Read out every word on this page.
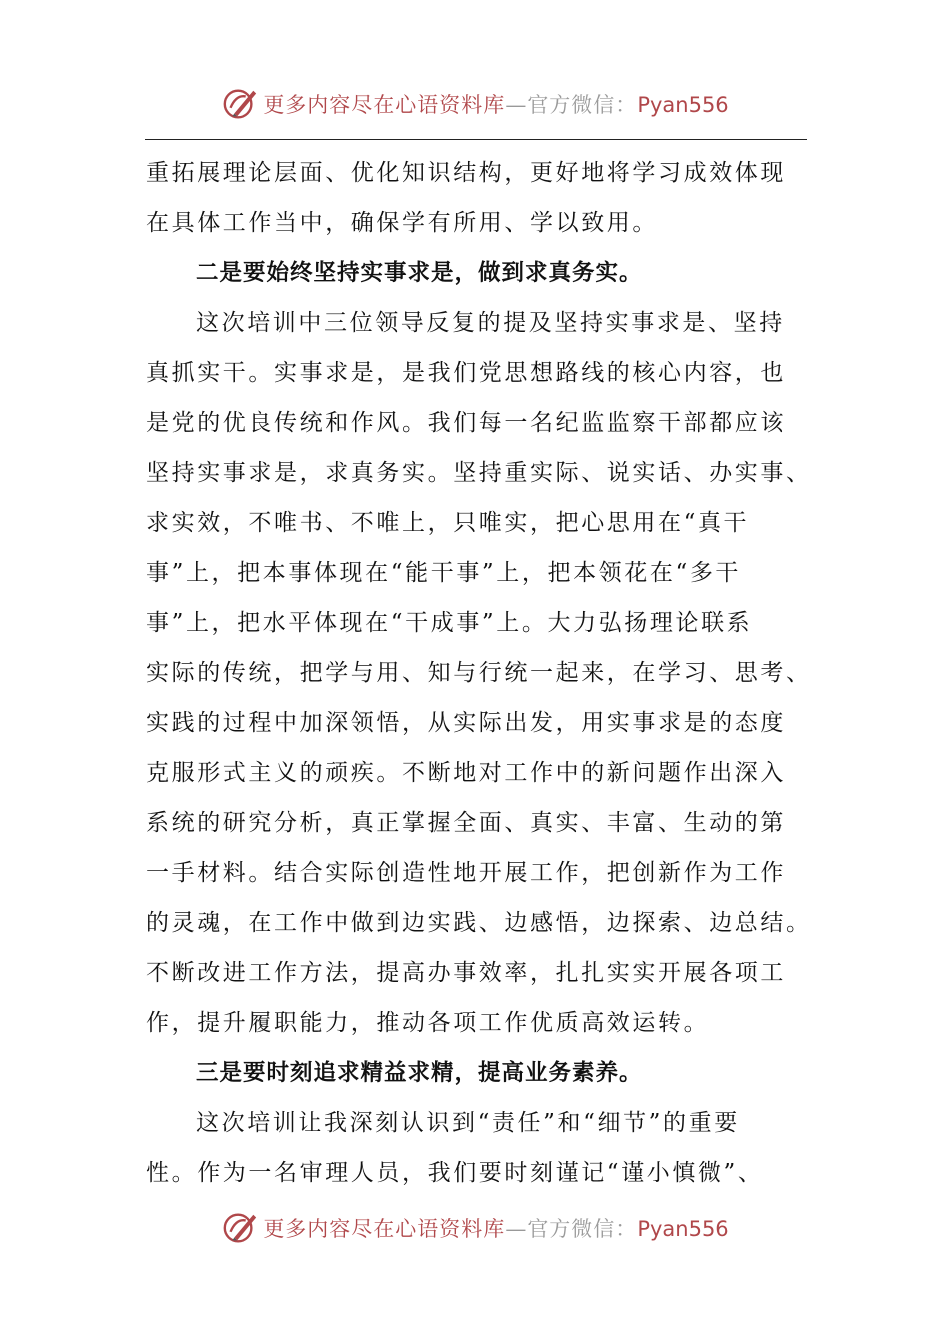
更多内容尽在心语资料库—官方微信：Pyan556
重拓展理论层面、优化知识结构，更好地将学习成效体现
在具体工作当中，确保学有所用、学以致用。
二是要始终坚持实事求是，做到求真务实。
这次培训中三位领导反复的提及坚持实事求是、坚持
真抓实干。实事求是，是我们党思想路线的核心内容，也
是党的优良传统和作风。我们每一名纪监监察干部都应该
坚持实事求是，求真务实。坚持重实际、说实话、办实事、
求实效，不唯书、不唯上，只唯实，把心思用在“真干
事”上，把本事体现在“能干事”上，把本领花在“多干
事”上，把水平体现在“干成事”上。大力弘扬理论联系
实际的传统，把学与用、知与行统一起来，在学习、思考、
实践的过程中加深领悟，从实际出发，用实事求是的态度
克服形式主义的顽疾。不断地对工作中的新问题作出深入
系统的研究分析，真正掌握全面、真实、丰富、生动的第
一手材料。结合实际创造性地开展工作，把创新作为工作
的灵魂，在工作中做到边实践、边感悟，边探索、边总结。
不断改进工作方法，提高办事效率，扎扎实实开展各项工
作，提升履职能力，推动各项工作优质高效运转。
三是要时刻追求精益求精，提高业务素养。
这次培训让我深刻认识到“责任”和“细节”的重要
性。作为一名审理人员，我们要时刻谨记“谨小慎微”、
更多内容尽在心语资料库—官方微信：Pyan556
